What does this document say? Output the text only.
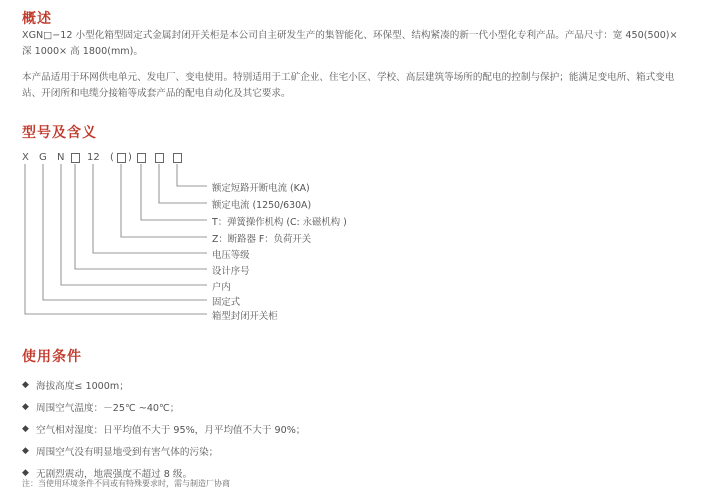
概述
XGN□−12 小型化箱型固定式金属封闭开关柜是本公司自主研发生产的集智能化、环保型、结构紧凑的新一代小型化专利产品。产品尺寸：宽 450(500)×
深 1000× 高 1800(mm)。
本产品适用于环网供电单元、发电厂、变电使用。特别适用于工矿企业、住宅小区、学校、高层建筑等场所的配电的控制与保护；能满足变电所、箱式变电
站、开闭所和电缆分接箱等成套产品的配电自动化及其它要求。
型号及含义
X G N 12 ( )
额定短路开断电流 (KA)
额定电流 (1250/630A)
T：弹簧操作机构 (C: 永磁机构 )
Z：断路器 F：负荷开关
电压等级
设计序号
户内
固定式
箱型封闭开关柜
使用条件
◆ 海拔高度≤ 1000m；
◆ 周围空气温度：－25℃ ~40℃；
◆ 空气相对湿度：日平均值不大于 95%，月平均值不大于 90%；
◆ 周围空气没有明显地受到有害气体的污染；
◆ 无剧烈震动，地震强度不超过 8 级。
注：当使用环境条件不同或有特殊要求时，需与制造厂协商
